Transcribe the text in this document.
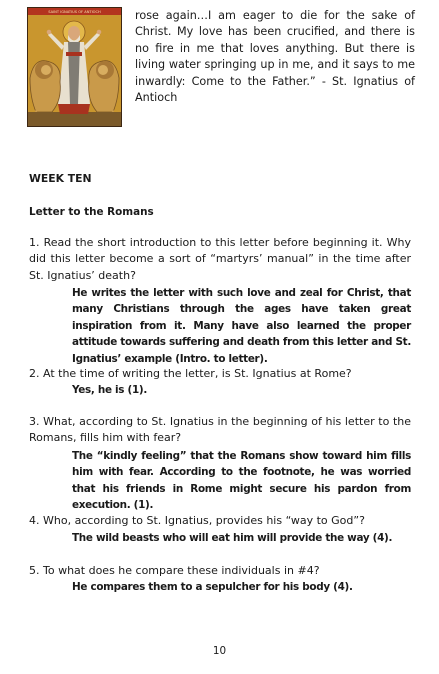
SAINT IGNATIUS OF ANTIOCH	rose again…I am eager to die for the sake of Christ. My love has been crucified, and there is no fire in me that loves anything. But there is living water springing up in me, and it says to me inwardly: Come to the Father.” - St. Ignatius of Antioch
WEEK TEN
Letter to the Romans
1. Read the short introduction to this letter before beginning it. Why did this letter become a sort of “martyrs’ manual” in the time after St. Ignatius’ death?
He writes the letter with such love and zeal for Christ, that many Christians through the ages have taken great inspiration from it. Many have also learned the proper attitude towards suffering and death from this letter and St. Ignatius’ example (Intro. to letter).
2. At the time of writing the letter, is St. Ignatius at Rome?
Yes, he is (1).
3. What, according to St. Ignatius in the beginning of his letter to the Romans, fills him with fear?
The “kindly feeling” that the Romans show toward him fills him with fear. According to the footnote, he was worried that his friends in Rome might secure his pardon from execution. (1).
4. Who, according to St. Ignatius, provides his “way to God”?
The wild beasts who will eat him will provide the way (4).
5. To what does he compare these individuals in #4?
He compares them to a sepulcher for his body (4).
10
